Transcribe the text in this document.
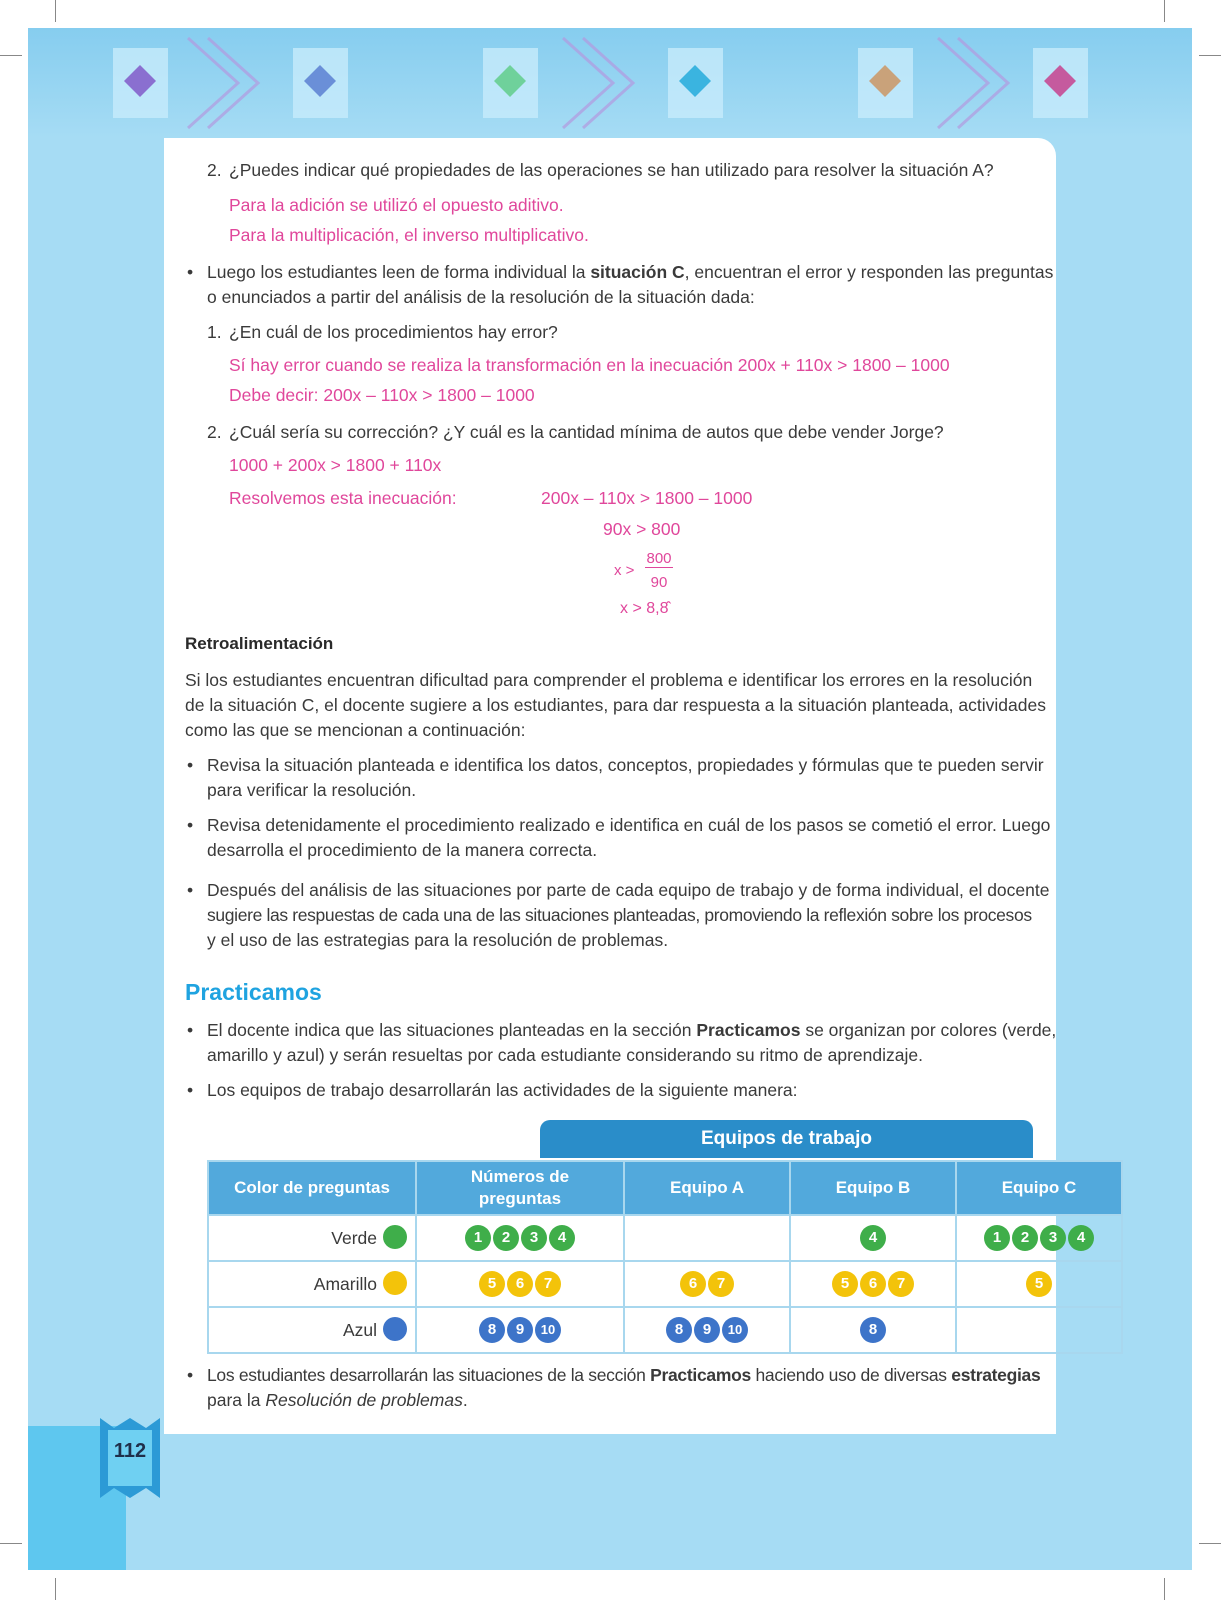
112
2. ¿Puedes indicar qué propiedades de las operaciones se han utilizado para resolver la situación A?
Para la adición se utilizó el opuesto aditivo.
Para la multiplicación, el inverso multiplicativo.
• Luego los estudiantes leen de forma individual la situación C, encuentran el error y responden las preguntas
o enunciados a partir del análisis de la resolución de la situación dada:
1. ¿En cuál de los procedimientos hay error?
Sí hay error cuando se realiza la transformación en la inecuación 200x + 110x > 1800 – 1000
Debe decir: 200x – 110x > 1800 – 1000
2. ¿Cuál sería su corrección? ¿Y cuál es la cantidad mínima de autos que debe vender Jorge?
1000 + 200x > 1800 + 110x
Resolvemos esta inecuación:	200x – 110x > 1800 – 1000
90x > 800
x >
800
90
x > 8,8̂
Retroalimentación
Si los estudiantes encuentran dificultad para comprender el problema e identificar los errores en la resolución
de la situación C, el docente sugiere a los estudiantes, para dar respuesta a la situación planteada, actividades
como las que se mencionan a continuación:
• Revisa la situación planteada e identifica los datos, conceptos, propiedades y fórmulas que te pueden servir
para verificar la resolución.
• Revisa detenidamente el procedimiento realizado e identifica en cuál de los pasos se cometió el error. Luego
desarrolla el procedimiento de la manera correcta.
• Después del análisis de las situaciones por parte de cada equipo de trabajo y de forma individual, el docente
sugiere las respuestas de cada una de las situaciones planteadas, promoviendo la reflexión sobre los procesos
y el uso de las estrategias para la resolución de problemas.
Practicamos
• El docente indica que las situaciones planteadas en la sección Practicamos se organizan por colores (verde,
amarillo y azul) y serán resueltas por cada estudiante considerando su ritmo de aprendizaje.
• Los equipos de trabajo desarrollarán las actividades de la siguiente manera:
Equipos de trabajo
Color de preguntas	Números de preguntas	Equipo A	Equipo B	Equipo C
Verde	1 2 3 4		4	1 2 3 4
Amarillo	5 6 7	6 7	5 6 7	5
Azul	8 9 10	8 9 10	8	
• Los estudiantes desarrollarán las situaciones de la sección Practicamos haciendo uso de diversas estrategias
para la Resolución de problemas.
